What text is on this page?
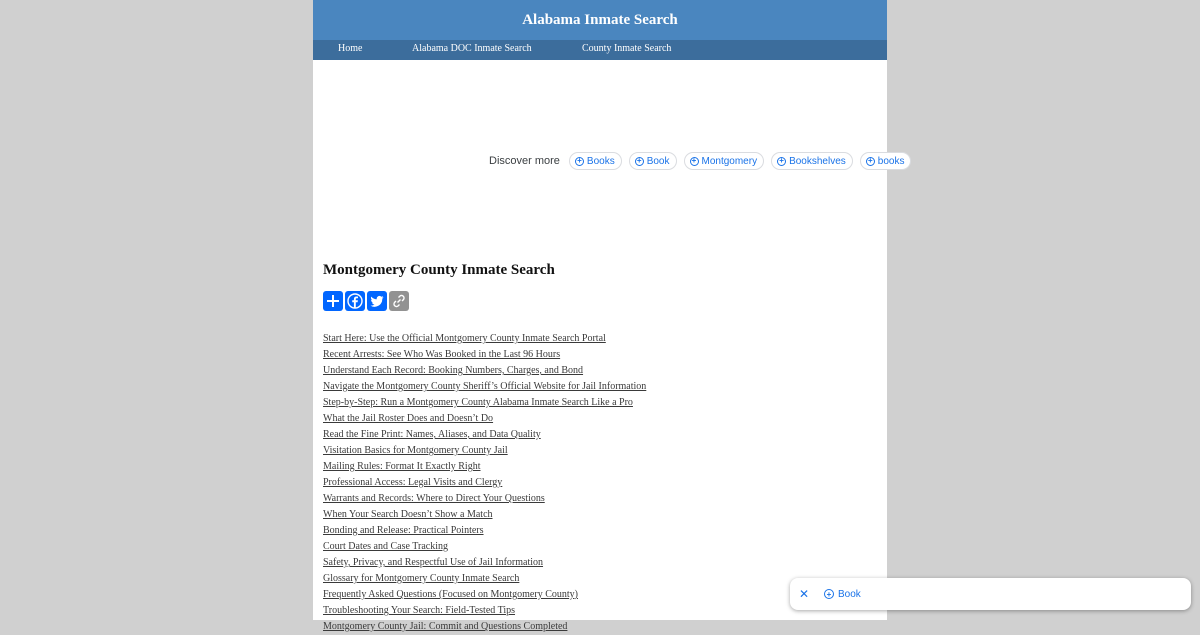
Alabama Inmate Search
Home	Alabama DOC Inmate Search	County Inmate Search
Discover more + Books	+ Book	+ Montgomery	+ Bookshelves	+ books
Montgomery County Inmate Search
Start Here: Use the Official Montgomery County Inmate Search Portal
Recent Arrests: See Who Was Booked in the Last 96 Hours
Understand Each Record: Booking Numbers, Charges, and Bond
Navigate the Montgomery County Sheriff’s Official Website for Jail Information
Step-by-Step: Run a Montgomery County Alabama Inmate Search Like a Pro
What the Jail Roster Does and Doesn’t Do
Read the Fine Print: Names, Aliases, and Data Quality
Visitation Basics for Montgomery County Jail
Mailing Rules: Format It Exactly Right
Professional Access: Legal Visits and Clergy
Warrants and Records: Where to Direct Your Questions
When Your Search Doesn’t Show a Match
Bonding and Release: Practical Pointers
Court Dates and Case Tracking
Safety, Privacy, and Respectful Use of Jail Information
Glossary for Montgomery County Inmate Search
Frequently Asked Questions (Focused on Montgomery County)
Troubleshooting Your Search: Field-Tested Tips
Montgomery County Jail: Commit and Questions Completed
✕	+ Book
